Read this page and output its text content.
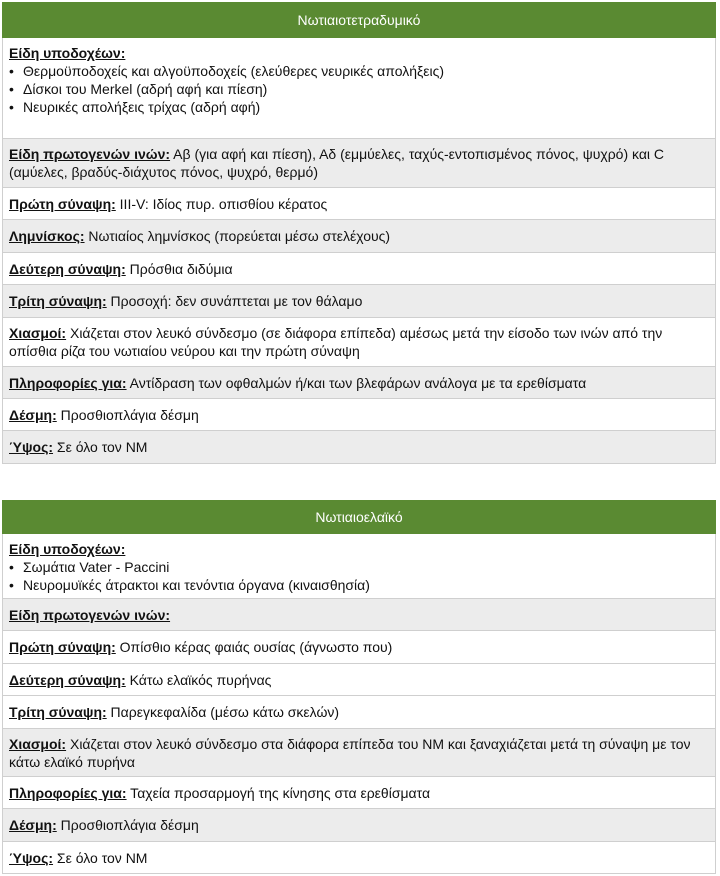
Νωτιαιοτετραδυμικό
Είδη υποδοχέων:
• Θερμοϋποδοχείς και αλγοϋποδοχείς (ελεύθερες νευρικές απολήξεις)
• Δίσκοι του Merkel (αδρή αφή και πίεση)
• Νευρικές απολήξεις τρίχας (αδρή αφή)

Είδη πρωτογενών ινών: Αβ (για αφή και πίεση), Αδ (εμμύελες, ταχύς-εντοπισμένος πόνος, ψυχρό) και C (αμύελες, βραδύς-διάχυτος πόνος, ψυχρό, θερμό)
Πρώτη σύναψη: III-V: Ιδίος πυρ. οπισθίου κέρατος
Λημνίσκος: Νωτιαίος λημνίσκος (πορεύεται μέσω στελέχους)
Δεύτερη σύναψη: Πρόσθια διδύμια
Τρίτη σύναψη: Προσοχή: δεν συνάπτεται με τον θάλαμο
Χιασμοί: Χιάζεται στον λευκό σύνδεσμο (σε διάφορα επίπεδα) αμέσως μετά την είσοδο των ινών από την οπίσθια ρίζα του νωτιαίου νεύρου και την πρώτη σύναψη
Πληροφορίες για: Αντίδραση των οφθαλμών ή/και των βλεφάρων ανάλογα με τα ερεθίσματα
Δέσμη: Προσθιοπλάγια δέσμη
Ύψος: Σε όλο τον ΝΜ
Νωτιαιοελαϊκό
Είδη υποδοχέων:
• Σωμάτια Vater - Paccini
• Νευρομυϊκές άτρακτοι και τενόντια όργανα (κιναισθησία)

Είδη πρωτογενών ινών:
Πρώτη σύναψη: Οπίσθιο κέρας φαιάς ουσίας (άγνωστο που)
Δεύτερη σύναψη: Κάτω ελαϊκός πυρήνας
Τρίτη σύναψη: Παρεγκεφαλίδα (μέσω κάτω σκελών)
Χιασμοί: Χιάζεται στον λευκό σύνδεσμο στα διάφορα επίπεδα του ΝΜ και ξαναχιάζεται μετά τη σύναψη με τον κάτω ελαϊκό πυρήνα
Πληροφορίες για: Ταχεία προσαρμογή της κίνησης στα ερεθίσματα
Δέσμη: Προσθιοπλάγια δέσμη
Ύψος: Σε όλο τον ΝΜ
